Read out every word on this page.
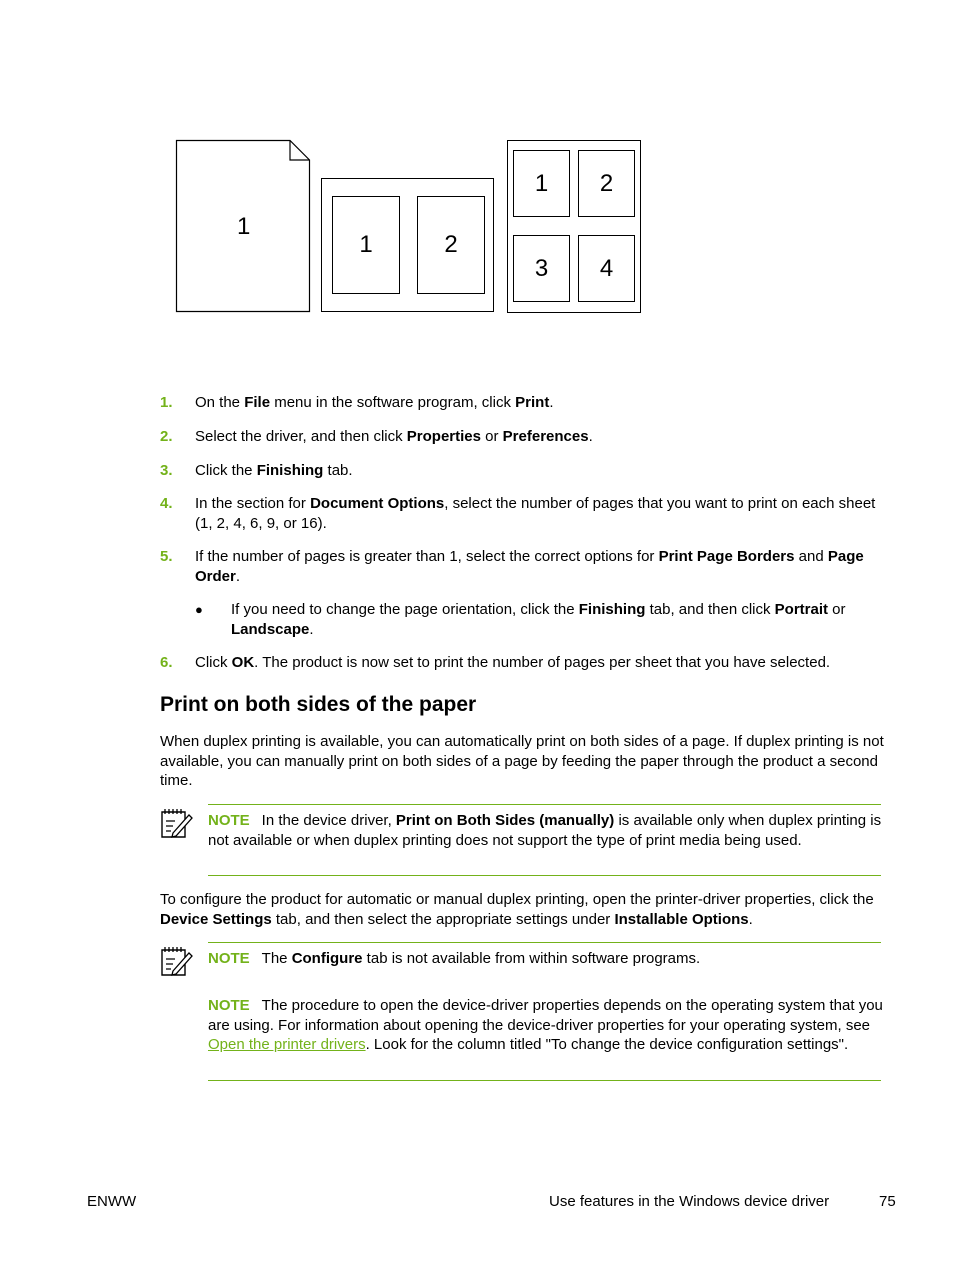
1
1	2
1	2
3	4
1. On the File menu in the software program, click Print.
2. Select the driver, and then click Properties or Preferences.
3. Click the Finishing tab.
4. In the section for Document Options, select the number of pages that you want to print on each sheet (1, 2, 4, 6, 9, or 16).
5. If the number of pages is greater than 1, select the correct options for Print Page Borders and Page Order.
● If you need to change the page orientation, click the Finishing tab, and then click Portrait or Landscape.
6. Click OK. The product is now set to print the number of pages per sheet that you have selected.
Print on both sides of the paper
When duplex printing is available, you can automatically print on both sides of a page. If duplex printing is not available, you can manually print on both sides of a page by feeding the paper through the product a second time.
NOTE In the device driver, Print on Both Sides (manually) is available only when duplex printing is not available or when duplex printing does not support the type of print media being used.
To configure the product for automatic or manual duplex printing, open the printer-driver properties, click the Device Settings tab, and then select the appropriate settings under Installable Options.
NOTE The Configure tab is not available from within software programs.
NOTE The procedure to open the device-driver properties depends on the operating system that you are using. For information about opening the device-driver properties for your operating system, see Open the printer drivers. Look for the column titled "To change the device configuration settings".
ENWW	Use features in the Windows device driver	75
